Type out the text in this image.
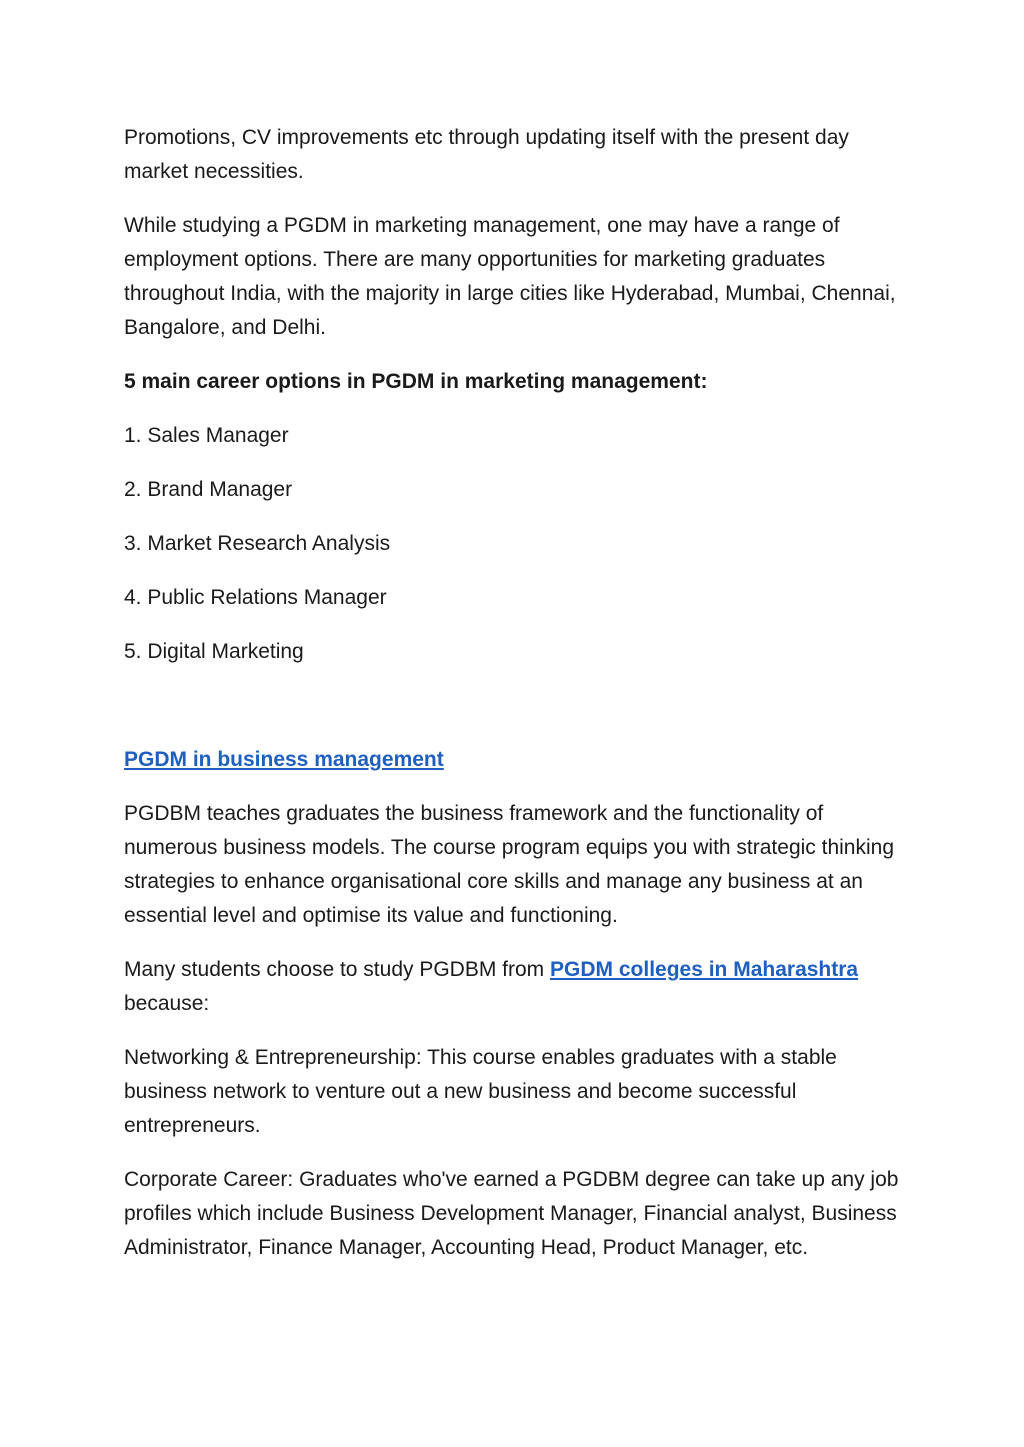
Promotions, CV improvements etc through updating itself with the present day market necessities.

While studying a PGDM in marketing management, one may have a range of employment options. There are many opportunities for marketing graduates throughout India, with the majority in large cities like Hyderabad, Mumbai, Chennai, Bangalore, and Delhi.

5 main career options in PGDM in marketing management:

1. Sales Manager

2. Brand Manager

3. Market Research Analysis

4. Public Relations Manager

5. Digital Marketing

PGDM in business management

PGDBM teaches graduates the business framework and the functionality of numerous business models. The course program equips you with strategic thinking strategies to enhance organisational core skills and manage any business at an essential level and optimise its value and functioning.

Many students choose to study PGDBM from PGDM colleges in Maharashtra because:

Networking & Entrepreneurship: This course enables graduates with a stable business network to venture out a new business and become successful entrepreneurs.

Corporate Career: Graduates who've earned a PGDBM degree can take up any job profiles which include Business Development Manager, Financial analyst, Business Administrator, Finance Manager, Accounting Head, Product Manager, etc.
